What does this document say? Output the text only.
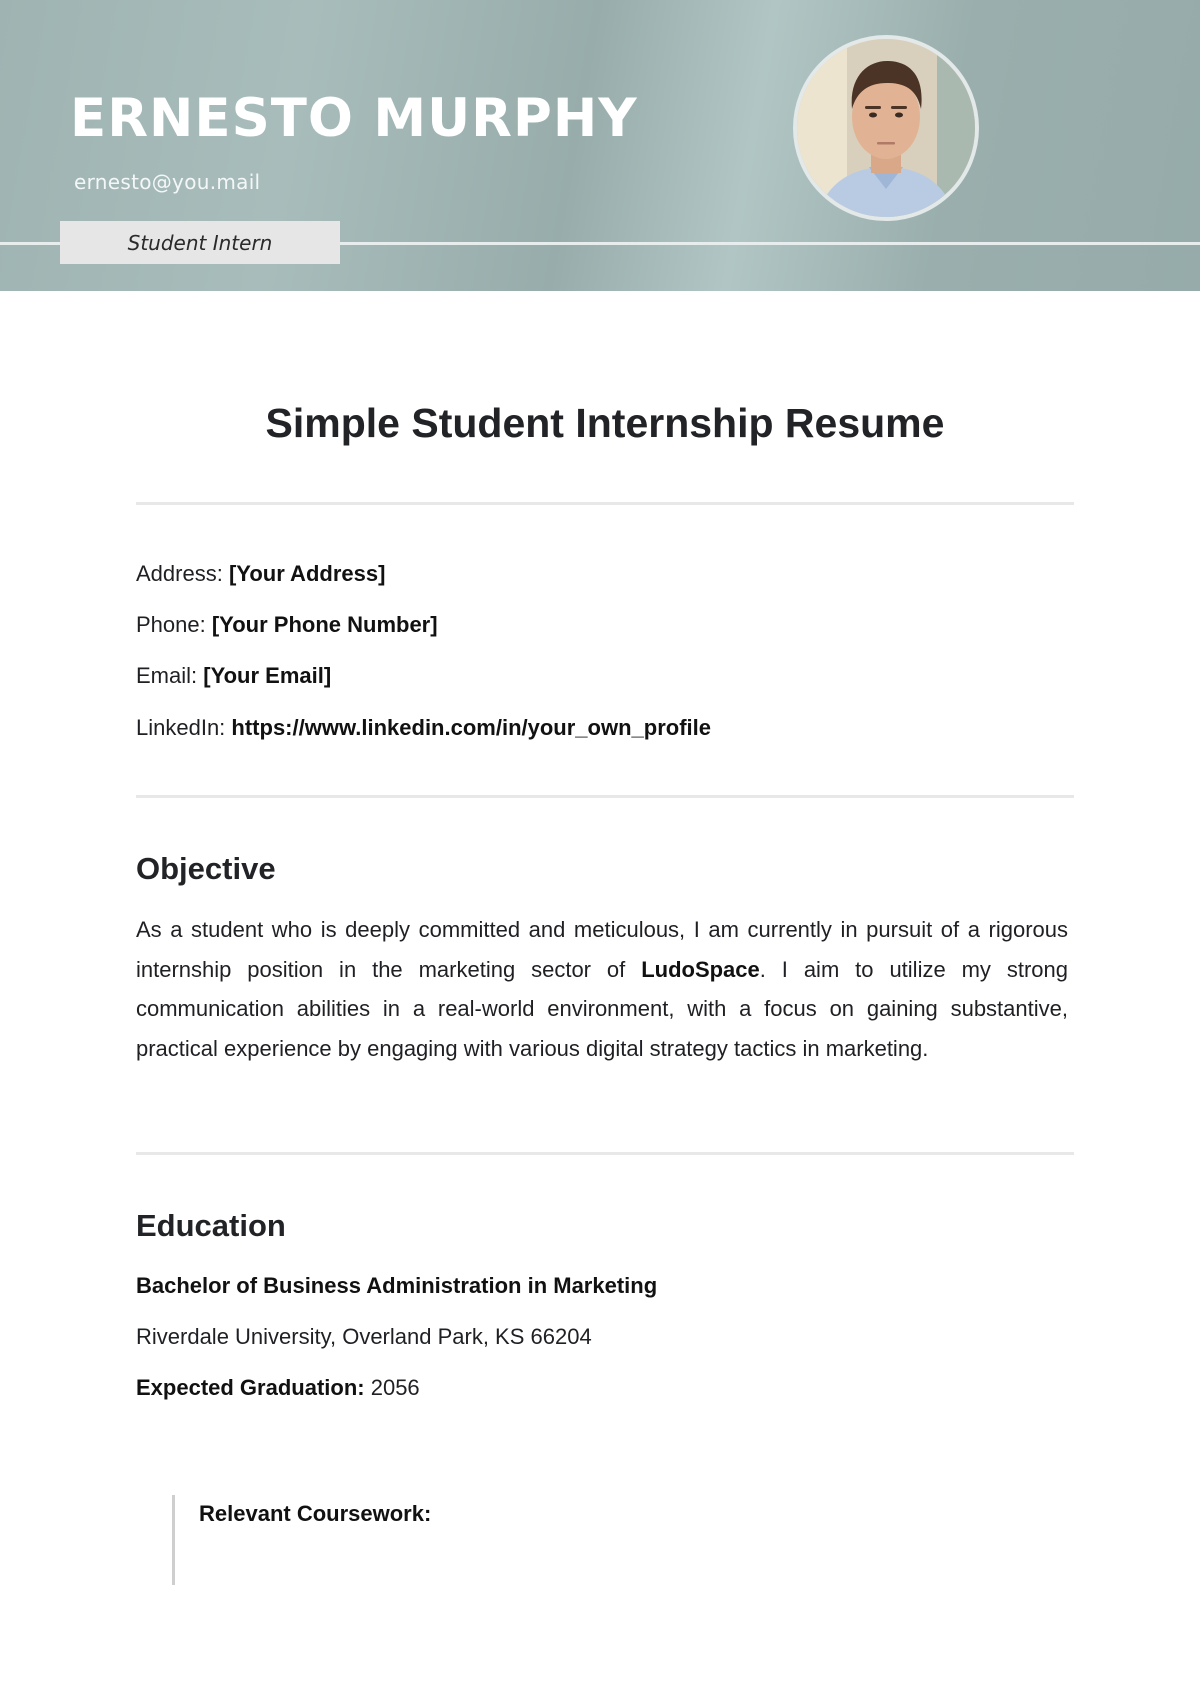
ERNESTO MURPHY
ernesto@you.mail
Student Intern
Simple Student Internship Resume
Address: [Your Address]
Phone: [Your Phone Number]
Email: [Your Email]
LinkedIn: https://www.linkedin.com/in/your_own_profile
Objective

As a student who is deeply committed and meticulous, I am currently in pursuit of a rigorous internship position in the marketing sector of LudoSpace. I aim to utilize my strong communication abilities in a real-world environment, with a focus on gaining substantive, practical experience by engaging with various digital strategy tactics in marketing.

Education
Bachelor of Business Administration in Marketing
Riverdale University, Overland Park, KS 66204
Expected Graduation: 2056
Relevant Coursework:
